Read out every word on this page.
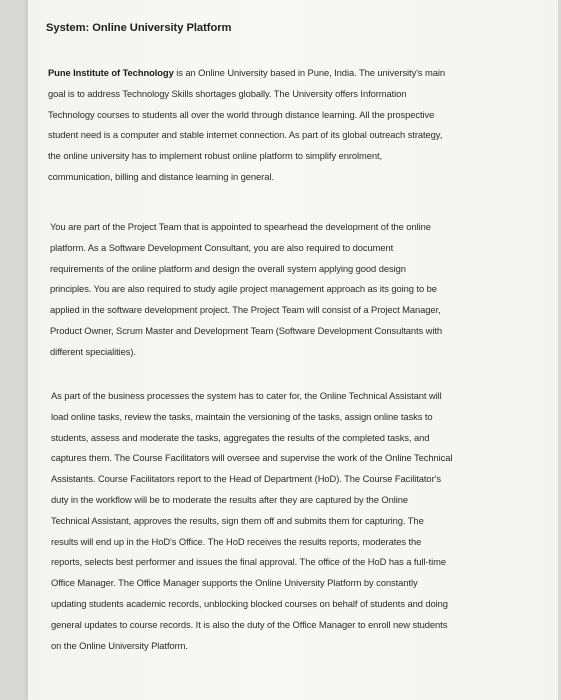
System: Online University Platform
Pune Institute of Technology is an Online University based in Pune, India. The university's main
goal is to address Technology Skills shortages globally. The University offers Information
Technology courses to students all over the world through distance learning. All the prospective
student need is a computer and stable internet connection. As part of its global outreach strategy,
the online university has to implement robust online platform to simplify enrolment,
communication, billing and distance learning in general.
You are part of the Project Team that is appointed to spearhead the development of the online
platform. As a Software Development Consultant, you are also required to document
requirements of the online platform and design the overall system applying good design
principles. You are also required to study agile project management approach as its going to be
applied in the software development project. The Project Team will consist of a Project Manager,
Product Owner, Scrum Master and Development Team (Software Development Consultants with
different specialities).
As part of the business processes the system has to cater for, the Online Technical Assistant will
load online tasks, review the tasks, maintain the versioning of the tasks, assign online tasks to
students, assess and moderate the tasks, aggregates the results of the completed tasks, and
captures them. The Course Facilitators will oversee and supervise the work of the Online Technical
Assistants. Course Facilitators report to the Head of Department (HoD). The Course Facilitator's
duty in the workflow will be to moderate the results after they are captured by the Online
Technical Assistant, approves the results, sign them off and submits them for capturing. The
results will end up in the HoD's Office. The HoD receives the results reports, moderates the
reports, selects best performer and issues the final approval. The office of the HoD has a full-time
Office Manager. The Office Manager supports the Online University Platform by constantly
updating students academic records, unblocking blocked courses on behalf of students and doing
general updates to course records. It is also the duty of the Office Manager to enroll new students
on the Online University Platform.
